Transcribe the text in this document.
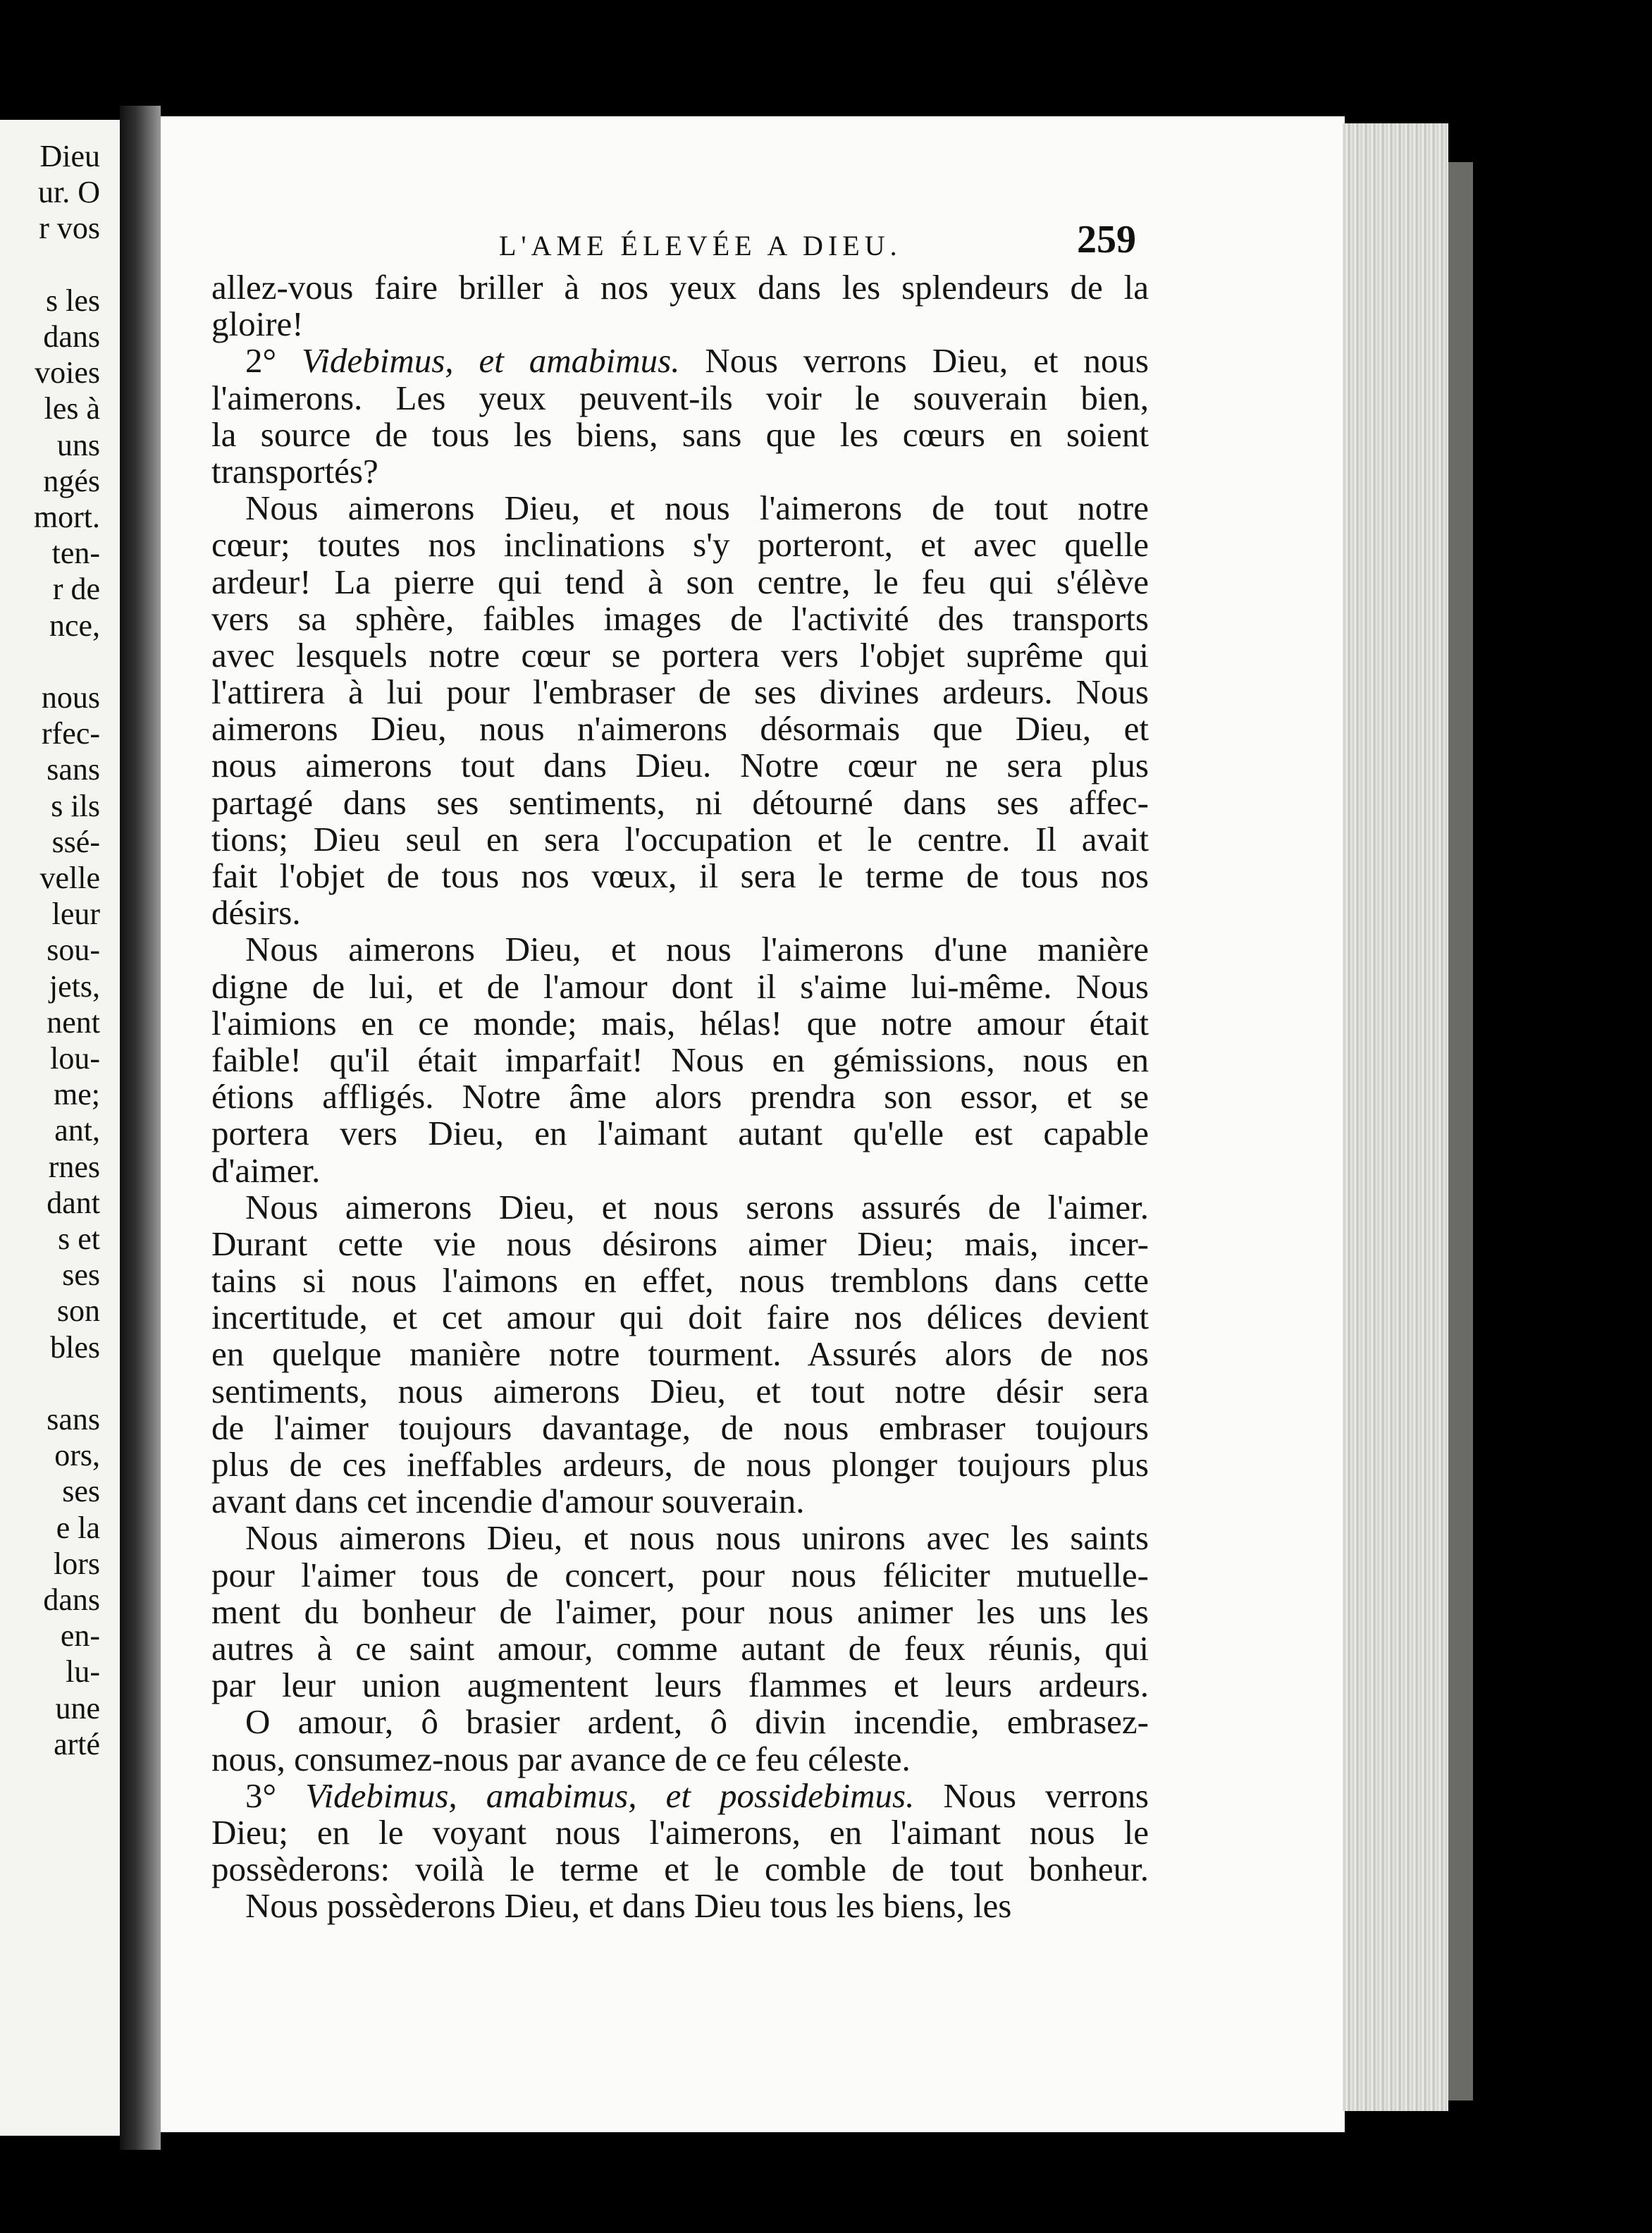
Dieu
ur. O
r vos
s les
dans
voies
les à
uns
ngés
mort.
ten-
r de
nce,
nous
rfec-
sans
s ils
ssé-
velle
leur
sou-
jets,
nent
lou-
me;
ant,
rnes
dant
s et
ses
son
bles
sans
ors,
ses
e la
lors
dans
en-
lu-
une
arté
L'AME ÉLEVÉE A DIEU.	259
allez-vous faire briller à nos yeux dans les splendeurs de la
gloire!
2° Videbimus, et amabimus. Nous verrons Dieu, et nous
l'aimerons. Les yeux peuvent-ils voir le souverain bien,
la source de tous les biens, sans que les cœurs en soient
transportés?
Nous aimerons Dieu, et nous l'aimerons de tout notre
cœur; toutes nos inclinations s'y porteront, et avec quelle
ardeur! La pierre qui tend à son centre, le feu qui s'élève
vers sa sphère, faibles images de l'activité des transports
avec lesquels notre cœur se portera vers l'objet suprême qui
l'attirera à lui pour l'embraser de ses divines ardeurs. Nous
aimerons Dieu, nous n'aimerons désormais que Dieu, et
nous aimerons tout dans Dieu. Notre cœur ne sera plus
partagé dans ses sentiments, ni détourné dans ses affec-
tions; Dieu seul en sera l'occupation et le centre. Il avait
fait l'objet de tous nos vœux, il sera le terme de tous nos
désirs.
Nous aimerons Dieu, et nous l'aimerons d'une manière
digne de lui, et de l'amour dont il s'aime lui-même. Nous
l'aimions en ce monde; mais, hélas! que notre amour était
faible! qu'il était imparfait! Nous en gémissions, nous en
étions affligés. Notre âme alors prendra son essor, et se
portera vers Dieu, en l'aimant autant qu'elle est capable
d'aimer.
Nous aimerons Dieu, et nous serons assurés de l'aimer.
Durant cette vie nous désirons aimer Dieu; mais, incer-
tains si nous l'aimons en effet, nous tremblons dans cette
incertitude, et cet amour qui doit faire nos délices devient
en quelque manière notre tourment. Assurés alors de nos
sentiments, nous aimerons Dieu, et tout notre désir sera
de l'aimer toujours davantage, de nous embraser toujours
plus de ces ineffables ardeurs, de nous plonger toujours plus
avant dans cet incendie d'amour souverain.
Nous aimerons Dieu, et nous nous unirons avec les saints
pour l'aimer tous de concert, pour nous féliciter mutuelle-
ment du bonheur de l'aimer, pour nous animer les uns les
autres à ce saint amour, comme autant de feux réunis, qui
par leur union augmentent leurs flammes et leurs ardeurs.
O amour, ô brasier ardent, ô divin incendie, embrasez-
nous, consumez-nous par avance de ce feu céleste.
3° Videbimus, amabimus, et possidebimus. Nous verrons
Dieu; en le voyant nous l'aimerons, en l'aimant nous le
possèderons: voilà le terme et le comble de tout bonheur.
Nous possèderons Dieu, et dans Dieu tous les biens, les
